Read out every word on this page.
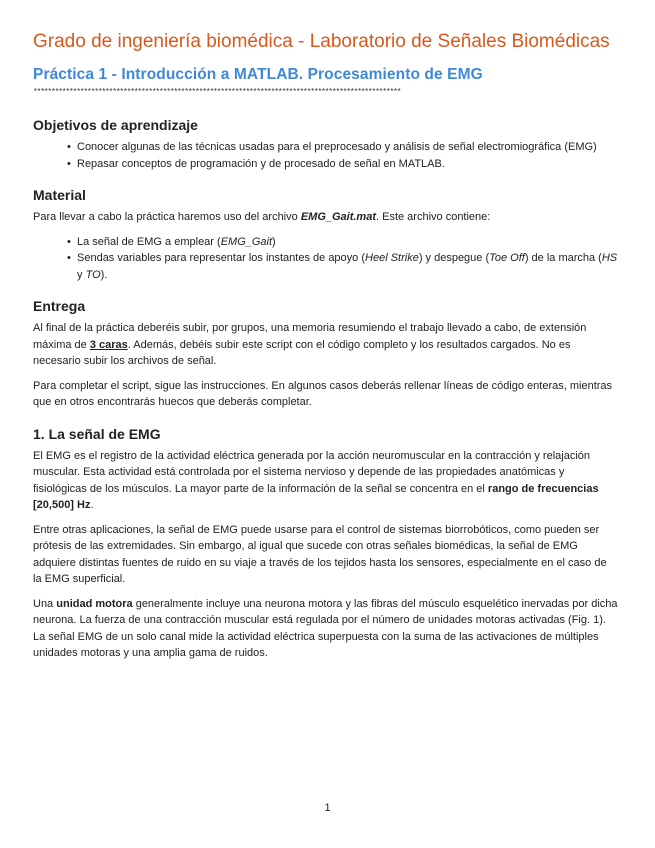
Grado de ingeniería biomédica - Laboratorio de Señales Biomédicas
Práctica 1 - Introducción a MATLAB. Procesamiento de EMG
******************************************************************************************************
Objetivos de aprendizaje
• Conocer algunas de las técnicas usadas para el preprocesado y análisis de señal electromiográfica (EMG)
• Repasar conceptos de programación y de procesado de señal en MATLAB.
Material

Para llevar a cabo la práctica haremos uso del archivo EMG_Gait.mat. Este archivo contiene:

• La señal de EMG a emplear (EMG_Gait)
• Sendas variables para representar los instantes de apoyo (Heel Strike) y despegue (Toe Off) de la marcha (HS y TO).
Entrega

Al final de la práctica deberéis subir, por grupos, una memoria resumiendo el trabajo llevado a cabo, de extensión máxima de 3 caras. Además, debéis subir este script con el código completo y los resultados cargados. No es necesario subir los archivos de señal.

Para completar el script, sigue las instrucciones. En algunos casos deberás rellenar líneas de código enteras, mientras que en otros encontrarás huecos que deberás completar.

1. La señal de EMG

El EMG es el registro de la actividad eléctrica generada por la acción neuromuscular en la contracción y relajación muscular. Esta actividad está controlada por el sistema nervioso y depende de las propiedades anatómicas y fisiológicas de los músculos. La mayor parte de la información de la señal se concentra en el rango de frecuencias [20,500] Hz.

Entre otras aplicaciones, la señal de EMG puede usarse para el control de sistemas biorrobóticos, como pueden ser prótesis de las extremidades. Sin embargo, al igual que sucede con otras señales biomédicas, la señal de EMG adquiere distintas fuentes de ruido en su viaje a través de los tejidos hasta los sensores, especialmente en el caso de la EMG superficial.

Una unidad motora generalmente incluye una neurona motora y las fibras del músculo esquelético inervadas por dicha neurona. La fuerza de una contracción muscular está regulada por el número de unidades motoras activadas (Fig. 1). La señal EMG de un solo canal mide la actividad eléctrica superpuesta con la suma de las activaciones de múltiples unidades motoras y una amplia gama de ruidos.

1
